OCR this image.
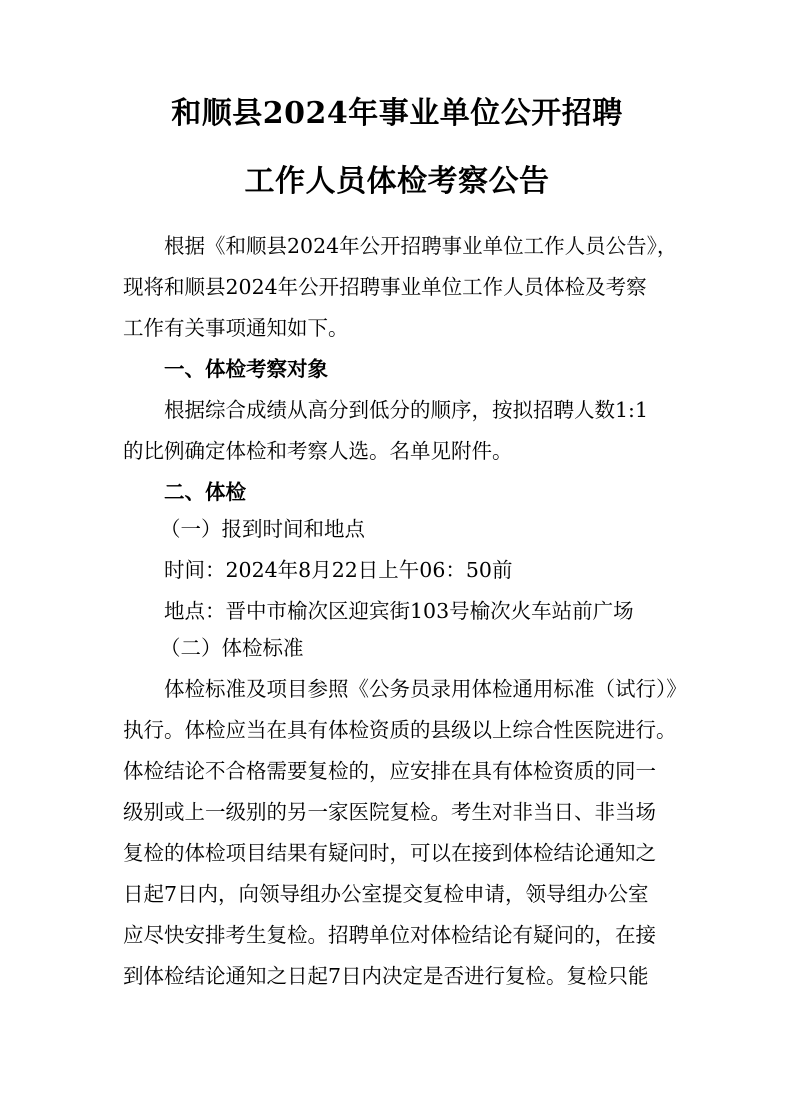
和顺县2024年事业单位公开招聘
工作人员体检考察公告
根据《和顺县2024年公开招聘事业单位工作人员公告》，
现将和顺县2024年公开招聘事业单位工作人员体检及考察
工作有关事项通知如下。
一、体检考察对象
根据综合成绩从高分到低分的顺序，按拟招聘人数1:1
的比例确定体检和考察人选。名单见附件。
二、体检
（一）报到时间和地点
时间：2024年8月22日上午06：50前
地点：晋中市榆次区迎宾街103号榆次火车站前广场
（二）体检标准
体检标准及项目参照《公务员录用体检通用标准（试行）》
执行。体检应当在具有体检资质的县级以上综合性医院进行。
体检结论不合格需要复检的，应安排在具有体检资质的同一
级别或上一级别的另一家医院复检。考生对非当日、非当场
复检的体检项目结果有疑问时，可以在接到体检结论通知之
日起7日内，向领导组办公室提交复检申请，领导组办公室
应尽快安排考生复检。招聘单位对体检结论有疑问的，在接
到体检结论通知之日起7日内决定是否进行复检。复检只能
